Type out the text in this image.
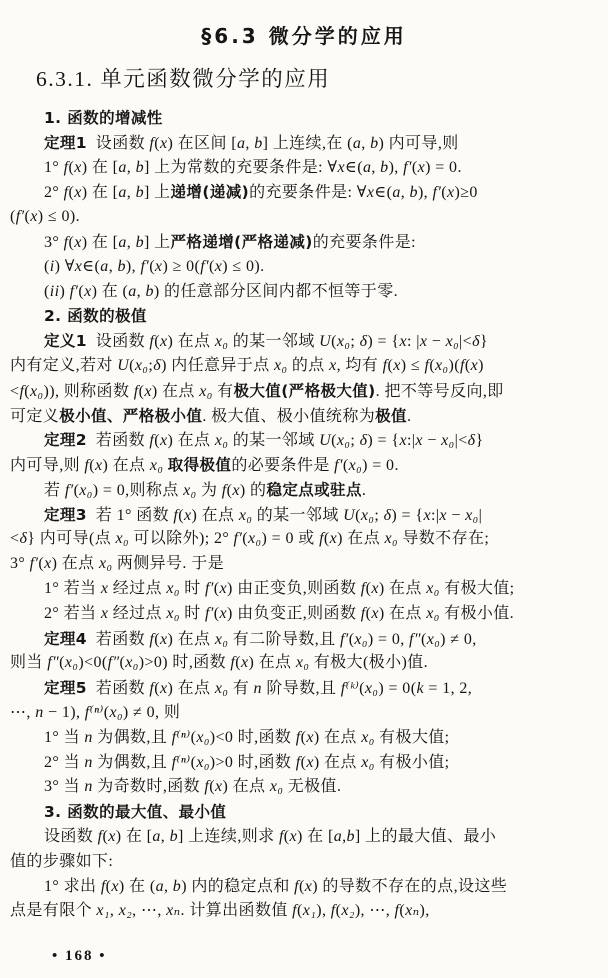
§6.3 微分学的应用
6.3.1. 单元函数微分学的应用
1. 函数的增减性
定理1  设函数 f(x) 在区间 [a, b] 上连续,在 (a, b) 内可导,则
1° f(x) 在 [a, b] 上为常数的充要条件是: ∀x∈(a, b), f′(x) = 0.
2° f(x) 在 [a, b] 上递增(递减)的充要条件是: ∀x∈(a, b), f′(x)≥0
(f′(x) ≤ 0).
3° f(x) 在 [a, b] 上严格递增(严格递减)的充要条件是:
(i) ∀x∈(a, b), f′(x) ≥ 0(f′(x) ≤ 0).
(ii) f′(x) 在 (a, b) 的任意部分区间内都不恒等于零.
2. 函数的极值
定义1  设函数 f(x) 在点 x₀ 的某一邻域 U(x₀; δ) = {x: |x − x₀|<δ}
内有定义,若对 U(x₀;δ) 内任意异于点 x₀ 的点 x, 均有 f(x) ≤ f(x₀)(f(x)
<f(x₀)), 则称函数 f(x) 在点 x₀ 有极大值(严格极大值). 把不等号反向,即
可定义极小值、严格极小值. 极大值、极小值统称为极值.
定理2  若函数 f(x) 在点 x₀ 的某一邻域 U(x₀; δ) = {x:|x − x₀|<δ}
内可导,则 f(x) 在点 x₀ 取得极值的必要条件是 f′(x₀) = 0.
若 f′(x₀) = 0,则称点 x₀ 为 f(x) 的稳定点或驻点.
定理3  若 1° 函数 f(x) 在点 x₀ 的某一邻域 U(x₀; δ) = {x:|x − x₀|
<δ} 内可导(点 x₀ 可以除外); 2° f′(x₀) = 0 或 f(x) 在点 x₀ 导数不存在;
3° f′(x) 在点 x₀ 两侧异号. 于是
1° 若当 x 经过点 x₀ 时 f′(x) 由正变负,则函数 f(x) 在点 x₀ 有极大值;
2° 若当 x 经过点 x₀ 时 f′(x) 由负变正,则函数 f(x) 在点 x₀ 有极小值.
定理4  若函数 f(x) 在点 x₀ 有二阶导数,且 f′(x₀) = 0, f″(x₀) ≠ 0,
则当 f″(x₀)<0(f″(x₀)>0) 时,函数 f(x) 在点 x₀ 有极大(极小)值.
定理5  若函数 f(x) 在点 x₀ 有 n 阶导数,且 f⁽ᵏ⁾(x₀) = 0(k = 1, 2,
⋯, n − 1), f⁽ⁿ⁾(x₀) ≠ 0, 则
1° 当 n 为偶数,且 f⁽ⁿ⁾(x₀)<0 时,函数 f(x) 在点 x₀ 有极大值;
2° 当 n 为偶数,且 f⁽ⁿ⁾(x₀)>0 时,函数 f(x) 在点 x₀ 有极小值;
3° 当 n 为奇数时,函数 f(x) 在点 x₀ 无极值.
3. 函数的最大值、最小值
设函数 f(x) 在 [a, b] 上连续,则求 f(x) 在 [a,b] 上的最大值、最小
值的步骤如下:
1° 求出 f(x) 在 (a, b) 内的稳定点和 f(x) 的导数不存在的点,设这些
点是有限个 x₁, x₂, ⋯, xₙ. 计算出函数值 f(x₁), f(x₂), ⋯, f(xₙ),
• 168 •
